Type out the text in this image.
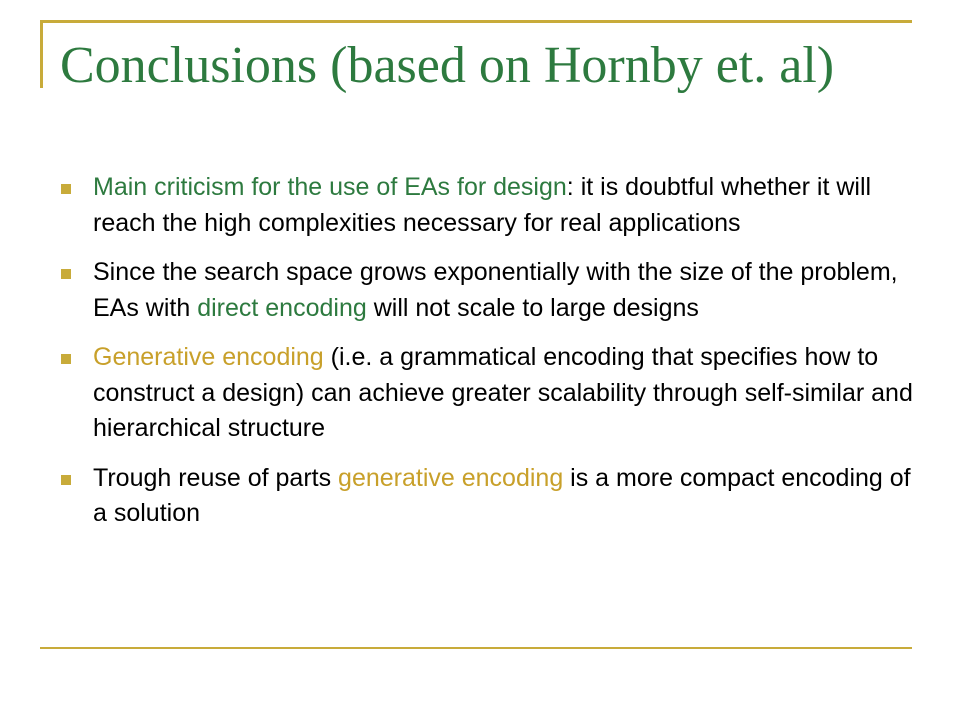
Conclusions (based on Hornby et. al)
Main criticism for the use of EAs for design: it is doubtful whether it will reach the high complexities necessary for real applications
Since the search space grows exponentially with the size of the problem, EAs with direct encoding will not scale to large designs
Generative encoding (i.e. a grammatical encoding that specifies how to construct a design) can achieve greater scalability through self-similar and hierarchical structure
Trough reuse of parts generative encoding is a more compact encoding of a solution
